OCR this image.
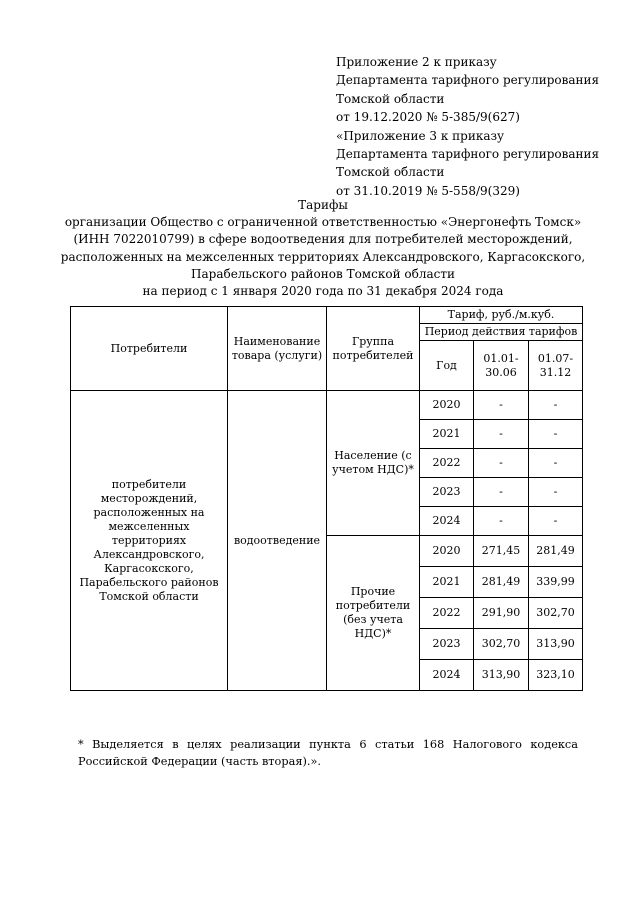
Приложение 2 к приказу
Департамента тарифного регулирования
Томской области
от 19.12.2020 № 5-385/9(627)
«Приложение 3 к приказу
Департамента тарифного регулирования
Томской области
от 31.10.2019 № 5-558/9(329)
Тарифы
организации Общество с ограниченной ответственностью «Энергонефть Томск»
(ИНН 7022010799) в сфере водоотведения для потребителей месторождений,
расположенных на межселенных территориях Александровского, Каргасокского,
Парабельского районов Томской области
на период с 1 января 2020 года по 31 декабря 2024 года
Потребители	Наименование товара (услуги)	Группа потребителей	Тариф, руб./м.куб.		
			Период действия тарифов		
			Год	01.01-30.06	01.07-31.12
потребители месторождений, расположенных на межселенных территориях Александровского, Каргасокского, Парабельского районов Томской области	водоотведение	Население (с учетом НДС)*	2020	-	-
			2021	-	-
			2022	-	-
			2023	-	-
			2024	-	-
		Прочие потребители (без учета НДС)*	2020	271,45	281,49
			2021	281,49	339,99
			2022	291,90	302,70
			2023	302,70	313,90
			2024	313,90	323,10
* Выделяется в целях реализации пункта 6 статьи 168 Налогового кодекса Российской Федерации (часть вторая).».
